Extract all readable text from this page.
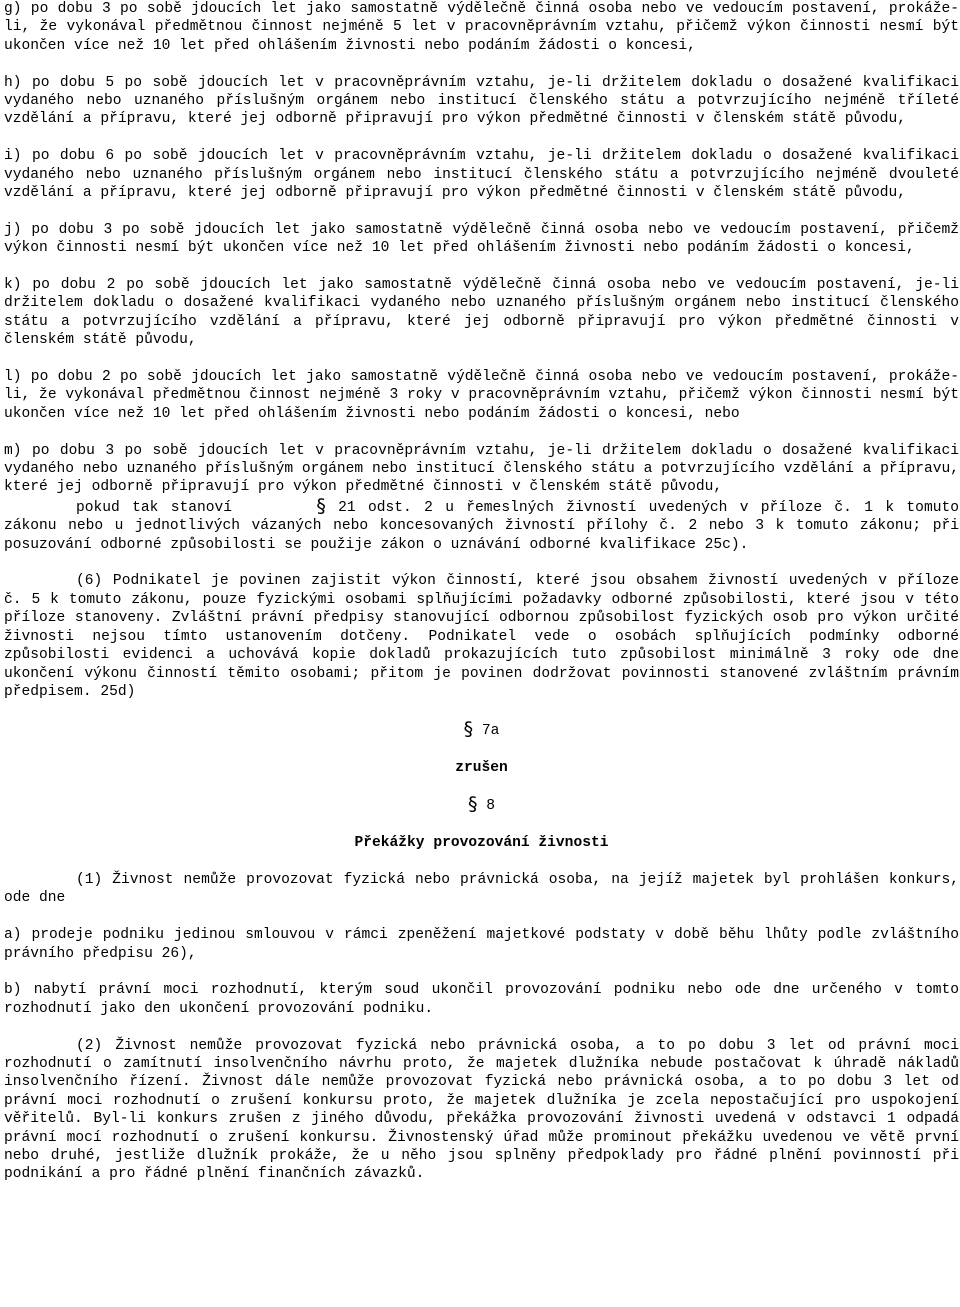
g) po dobu 3 po sobě jdoucích let jako samostatně výdělečně činná osoba nebo ve vedoucím postavení, prokáže-li, že vykonával předmětnou činnost nejméně 5 let v pracovněprávním vztahu, přičemž výkon činnosti nesmí být ukončen více než 10 let před ohlášením živnosti nebo podáním žádosti o koncesi,

h) po dobu 5 po sobě jdoucích let v pracovněprávním vztahu, je-li držitelem dokladu o dosažené kvalifikaci vydaného nebo uznaného příslušným orgánem nebo institucí členského státu a potvrzujícího nejméně tříleté vzdělání a přípravu, které jej odborně připravují pro výkon předmětné činnosti v členském státě původu,

i) po dobu 6 po sobě jdoucích let v pracovněprávním vztahu, je-li držitelem dokladu o dosažené kvalifikaci vydaného nebo uznaného příslušným orgánem nebo institucí členského státu a potvrzujícího nejméně dvouleté vzdělání a přípravu, které jej odborně připravují pro výkon předmětné činnosti v členském státě původu,

j) po dobu 3 po sobě jdoucích let jako samostatně výdělečně činná osoba nebo ve vedoucím postavení, přičemž výkon činnosti nesmí být ukončen více než 10 let před ohlášením živnosti nebo podáním žádosti o koncesi,

k) po dobu 2 po sobě jdoucích let jako samostatně výdělečně činná osoba nebo ve vedoucím postavení, je-li držitelem dokladu o dosažené kvalifikaci vydaného nebo uznaného příslušným orgánem nebo institucí členského státu a potvrzujícího vzdělání a přípravu, které jej odborně připravují pro výkon předmětné činnosti v členském státě původu,

l) po dobu 2 po sobě jdoucích let jako samostatně výdělečně činná osoba nebo ve vedoucím postavení, prokáže-li, že vykonával předmětnou činnost nejméně 3 roky v pracovněprávním vztahu, přičemž výkon činnosti nesmí být ukončen více než 10 let před ohlášením živnosti nebo podáním žádosti o koncesi, nebo

m) po dobu 3 po sobě jdoucích let v pracovněprávním vztahu, je-li držitelem dokladu o dosažené kvalifikaci vydaného nebo uznaného příslušným orgánem nebo institucí členského státu a potvrzujícího vzdělání a přípravu, které jej odborně připravují pro výkon předmětné činnosti v členském státě původu,

pokud tak stanoví	§ 21 odst. 2 u řemeslných živností uvedených v příloze č. 1 k tomuto zákonu nebo u jednotlivých vázaných nebo koncesovaných živností přílohy č. 2 nebo 3 k tomuto zákonu; při posuzování odborné způsobilosti se použije zákon o uznávání odborné kvalifikace 25c).

(6) Podnikatel je povinen zajistit výkon činností, které jsou obsahem živností uvedených v příloze č. 5 k tomuto zákonu, pouze fyzickými osobami splňujícími požadavky odborné způsobilosti, které jsou v této příloze stanoveny. Zvláštní právní předpisy stanovující odbornou způsobilost fyzických osob pro výkon určité živnosti nejsou tímto ustanovením dotčeny. Podnikatel vede o osobách splňujících podmínky odborné způsobilosti evidenci a uchovává kopie dokladů prokazujících tuto způsobilost minimálně 3 roky ode dne ukončení výkonu činností těmito osobami; přitom je povinen dodržovat povinnosti stanovené zvláštním právním předpisem. 25d)

§ 7a

zrušen

§ 8

Překážky provozování živnosti

(1) Živnost nemůže provozovat fyzická nebo právnická osoba, na jejíž majetek byl prohlášen konkurs, ode dne

a) prodeje podniku jedinou smlouvou v rámci zpeněžení majetkové podstaty v době běhu lhůty podle zvláštního právního předpisu 26),

b) nabytí právní moci rozhodnutí, kterým soud ukončil provozování podniku nebo ode dne určeného v tomto rozhodnutí jako den ukončení provozování podniku.

(2) Živnost nemůže provozovat fyzická nebo právnická osoba, a to po dobu 3 let od právní moci rozhodnutí o zamítnutí insolvenčního návrhu proto, že majetek dlužníka nebude postačovat k úhradě nákladů insolvenčního řízení. Živnost dále nemůže provozovat fyzická nebo právnická osoba, a to po dobu 3 let od právní moci rozhodnutí o zrušení konkursu proto, že majetek dlužníka je zcela nepostačující pro uspokojení věřitelů. Byl-li konkurs zrušen z jiného důvodu, překážka provozování živnosti uvedená v odstavci 1 odpadá právní mocí rozhodnutí o zrušení konkursu. Živnostenský úřad může prominout překážku uvedenou ve větě první nebo druhé, jestliže dlužník prokáže, že u něho jsou splněny předpoklady pro řádné plnění povinností při podnikání a pro řádné plnění finančních závazků.
